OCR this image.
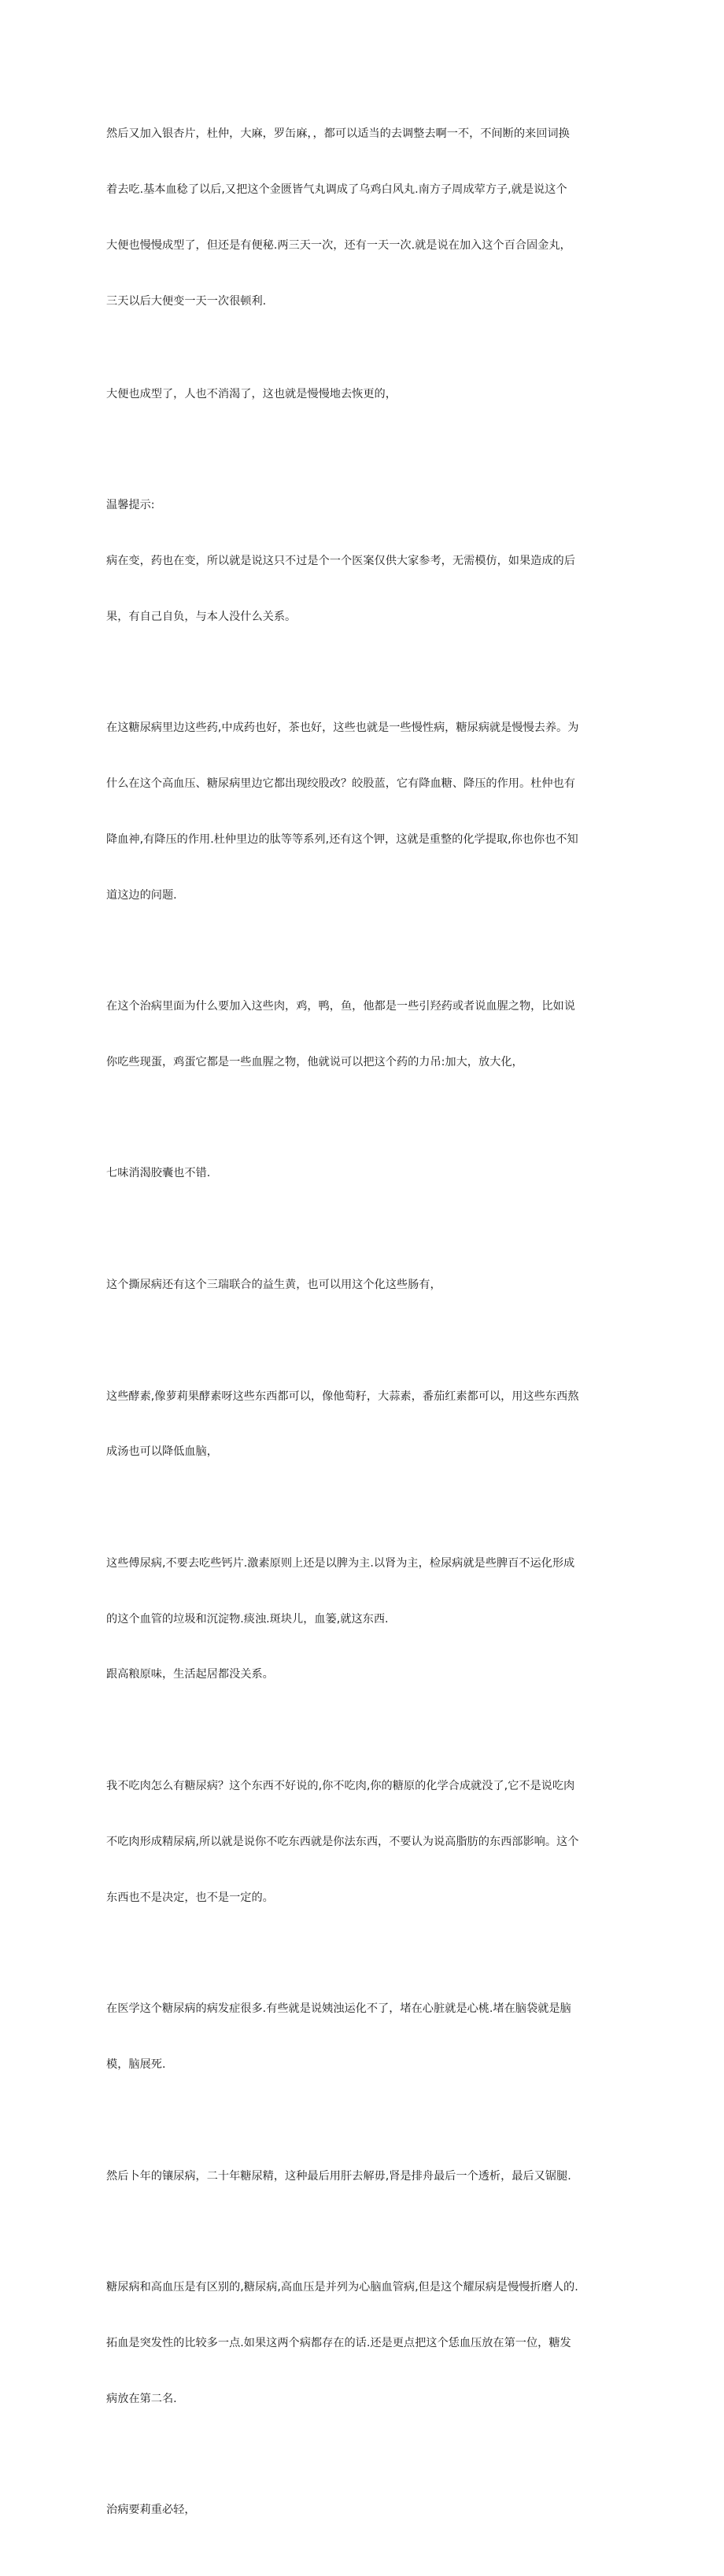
然后又加入银杏片，杜仲，大麻，罗缶麻，，都可以适当的去调整去啊一不，不间断的来回词换

着去吃.基本血稔了以后,又把这个金匮皆气丸调成了乌鸡白风丸.南方子周成荤方子,就是说这个

大便也慢慢成型了，但还是有便秘.两三天一次，还有一天一次.就是说在加入这个百合固金丸，

三天以后大便变一天一次很顿利.

大便也成型了，人也不消渴了，这也就是慢慢地去恢更的，

温馨提示:

病在变，药也在变，所以就是说这只不过是个一个医案仅供大家参考，无需模仿，如果造成的后

果，有自己自负，与本人没什么关系。

在这糖尿病里边这些药,中成药也好，茶也好，这些也就是一些慢性病，糖尿病就是慢慢去养。为

什么在这个高血压、糖尿病里边它都出现绞股改？皎股蓝，它有降血糖、降压的作用。杜仲也有

降血神,有降压的作用.杜仲里边的肽等等系列,还有这个钾，这就是重整的化学提取,你也你也不知

道这边的问题.

在这个治病里面为什么要加入这些肉，鸡，鸭，鱼，他都是一些引羟药或者说血腥之物，比如说

你吃些现蛋，鸡蛋它都是一些血腥之物，他就说可以把这个药的力吊:加大，放大化，

七味消渴胶囊也不错.

这个撕尿病还有这个三瑞联合的益生黄，也可以用这个化这些肠有，

这些酵素,像萝莉果酵素呀这些东西都可以，像他萄籽，大蒜素，番茄红素都可以，用这些东西熬

成汤也可以降低血脑，

这些傅尿病,不要去吃些钙片.激素原则上还是以脾为主.以肾为主，检尿病就是些脾百不运化形成

的这个血管的垃圾和沉淀物.痰浊.斑块儿，血篓,就这东西.

跟高粮原味，生活起居都没关系。

我不吃肉怎么有糖尿病？这个东西不好说的,你不吃肉,你的糖原的化学合成就没了,它不是说吃肉

不吃肉形成精尿病,所以就是说你不吃东西就是你法东西，不要认为说高脂肪的东西部影响。这个

东西也不是决定，也不是一定的。

在医学这个糖尿病的病发症很多.有些就是说姨浊运化不了，堵在心脏就是心桃.堵在脑袋就是脑

模，脑展死.

然后卜年的镶尿病，二十年糖尿精，这种最后用肝去解毋,肾是排舟最后一个透析，最后又锯腿.

糖尿病和高血压是有区别的,糖尿病,高血压是并列为心脑血管病,但是这个耀尿病是慢慢折磨人的.

拓血是突发性的比较多一点.如果这两个病都存在的话.还是更点把这个恁血压放在第一位，糖发

病放在第二名.

治病要莉重必轻，
